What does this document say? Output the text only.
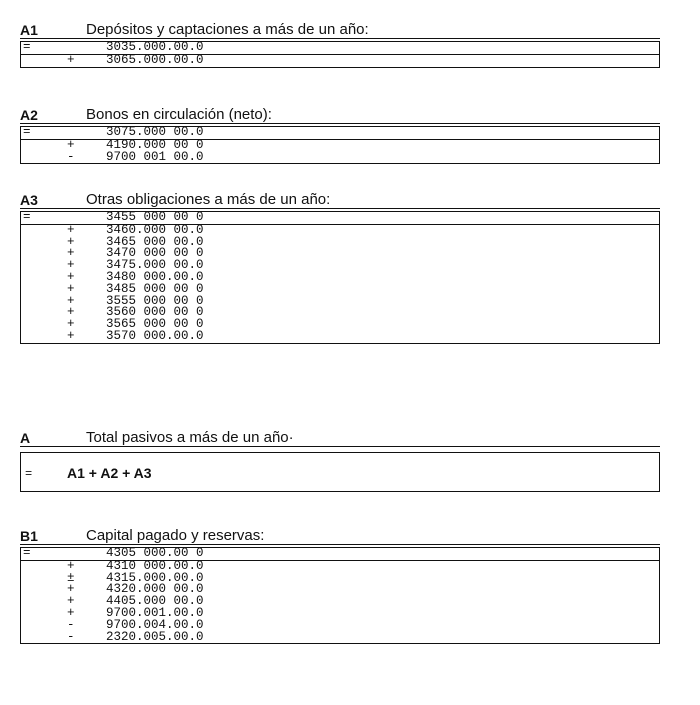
A1	Depósitos y captaciones a más de un año:
=	3035.000.00.0
+	3065.000.00.0
A2	Bonos en circulación (neto):
=	3075.000 00.0
+	4190.000 00 0
-	9700 001 00.0
A3	Otras obligaciones a más de un año:
=	3455 000 00 0
+	3460.000 00.0
+	3465 000 00.0
+	3470 000 00 0
+	3475.000 00.0
+	3480 000.00.0
+	3485 000 00 0
+	3555 000 00 0
+	3560 000 00 0
+	3565 000 00 0
+	3570 000.00.0
A	Total pasivos a más de un año·
= A1 + A2 + A3
B1	Capital pagado y reservas:
=	4305 000.00 0
+	4310 000.00.0
±	4315.000.00.0
+	4320.000 00.0
+	4405.000 00.0
+	9700.001.00.0
-	9700.004.00.0
-	2320.005.00.0
